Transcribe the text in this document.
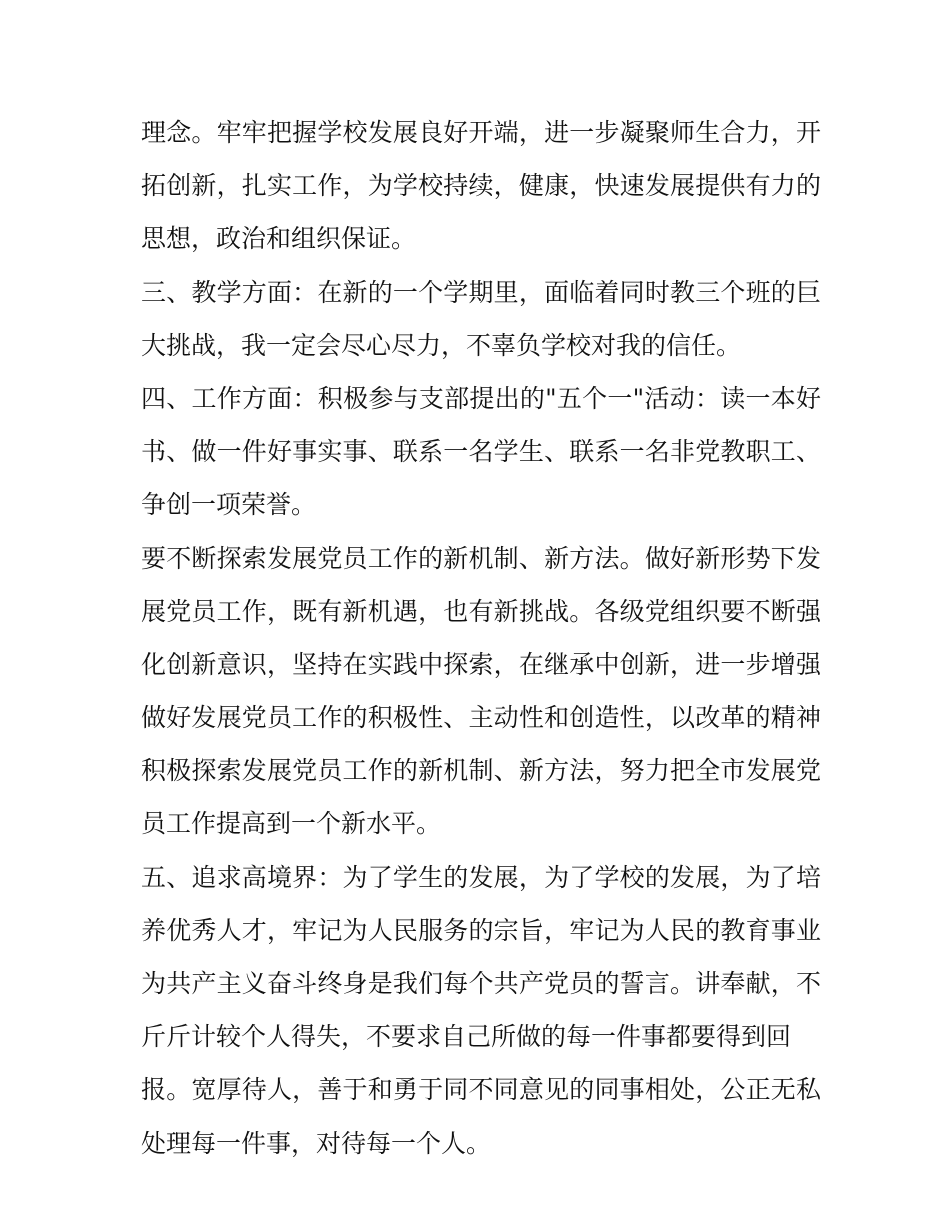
理念。牢牢把握学校发展良好开端，进一步凝聚师生合力，开
拓创新，扎实工作，为学校持续，健康，快速发展提供有力的
思想，政治和组织保证。
三、教学方面：在新的一个学期里，面临着同时教三个班的巨
大挑战，我一定会尽心尽力，不辜负学校对我的信任。
四、工作方面：积极参与支部提出的"五个一"活动：读一本好
书、做一件好事实事、联系一名学生、联系一名非党教职工、
争创一项荣誉。
要不断探索发展党员工作的新机制、新方法。做好新形势下发
展党员工作，既有新机遇，也有新挑战。各级党组织要不断强
化创新意识，坚持在实践中探索，在继承中创新，进一步增强
做好发展党员工作的积极性、主动性和创造性，以改革的精神
积极探索发展党员工作的新机制、新方法，努力把全市发展党
员工作提高到一个新水平。
五、追求高境界：为了学生的发展，为了学校的发展，为了培
养优秀人才，牢记为人民服务的宗旨，牢记为人民的教育事业
为共产主义奋斗终身是我们每个共产党员的誓言。讲奉献，不
斤斤计较个人得失，不要求自己所做的每一件事都要得到回
报。宽厚待人，善于和勇于同不同意见的同事相处，公正无私
处理每一件事，对待每一个人。
